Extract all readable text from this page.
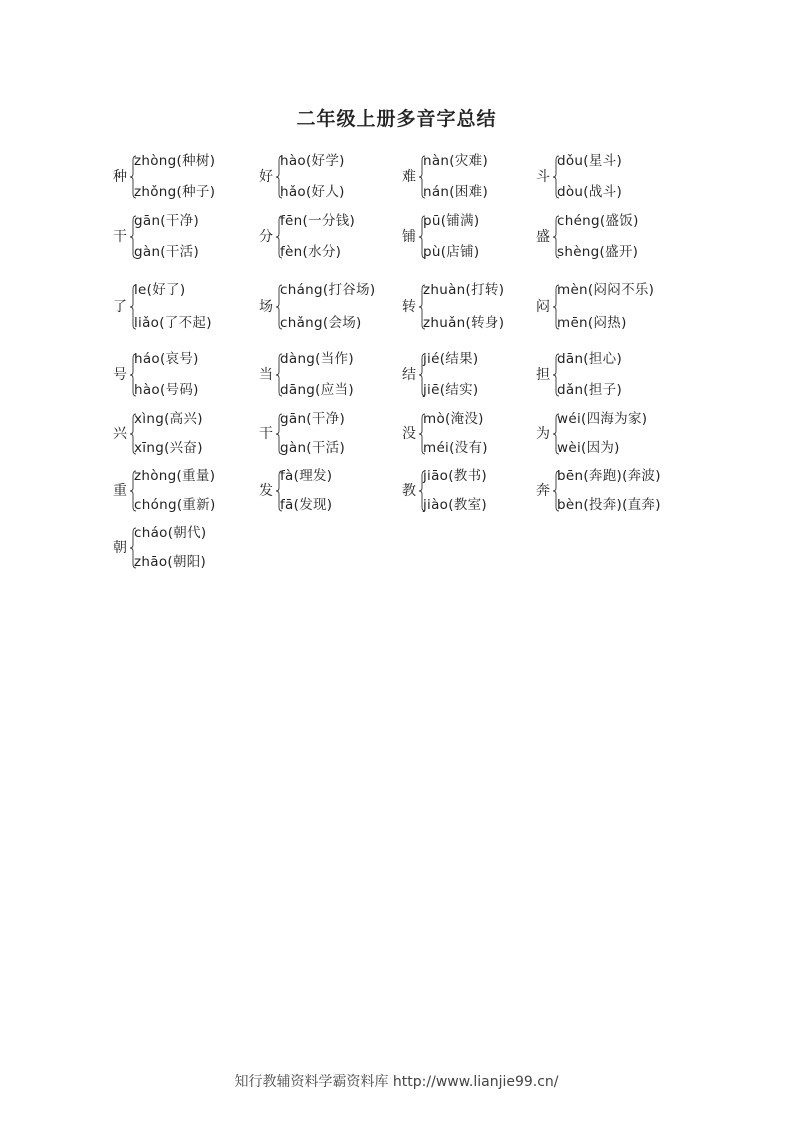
二年级上册多音字总结
种
zhòng(种树)
zhǒng(种子)
好
hào(好学)
hǎo(好人)
难
nàn(灾难)
nán(困难)
斗
dǒu(星斗)
dòu(战斗)
干
gān(干净)
gàn(干活)
分
fēn(一分钱)
fèn(水分)
铺
pū(铺满)
pù(店铺)
盛
chéng(盛饭)
shèng(盛开)
了
le(好了)
liǎo(了不起)
场
cháng(打谷场)
chǎng(会场)
转
zhuàn(打转)
zhuǎn(转身)
闷
mèn(闷闷不乐)
mēn(闷热)
号
háo(哀号)
hào(号码)
当
dàng(当作)
dāng(应当)
结
jié(结果)
jiē(结实)
担
dān(担心)
dǎn(担子)
兴
xìng(高兴)
xīng(兴奋)
干
gān(干净)
gàn(干活)
没
mò(淹没)
méi(没有)
为
wéi(四海为家)
wèi(因为)
重
zhòng(重量)
chóng(重新)
发
fà(理发)
fā(发现)
教
jiāo(教书)
jiào(教室)
奔
bēn(奔跑)(奔波)
bèn(投奔)(直奔)
朝
cháo(朝代)
zhāo(朝阳)
知行教辅资料学霸资料库 http://www.lianjie99.cn/
